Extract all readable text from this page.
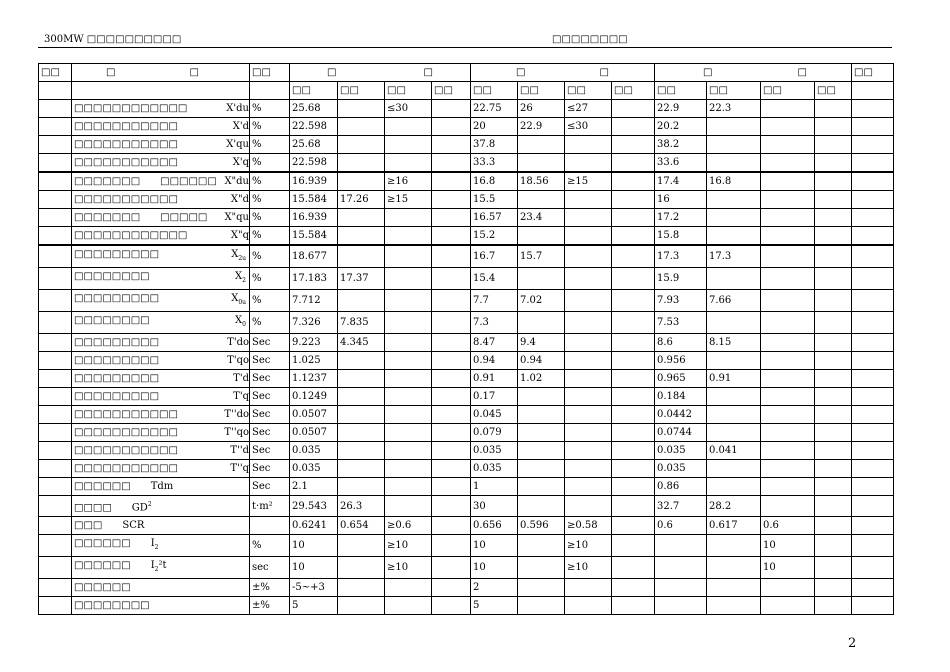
300MW □□□□□□□□□□	□□□□□□□□
□□	□ □	□□	□ □				□ □				□ □				□□
			□□	□□	□□	□□	□□	□□	□□	□□	□□	□□	□□	□□	

	□□□□□□□□□□□□ X'du	%	25.68		≤30		22.75	26	≤27		22.9	22.3			

	□□□□□□□□□□□ X'd	%	22.598				20	22.9	≤30		20.2				

	□□□□□□□□□□□ X'qu	%	25.68				37.8				38.2				

	□□□□□□□□□□□ X'q	%	22.598				33.3				33.6				

	□□□□□□□　　□□□□□□ X"du	%	16.939		≥16		16.8	18.56	≥15		17.4	16.8			

	□□□□□□□□□□□ X"d	%	15.584	17.26	≥15		15.5				16				

	□□□□□□□　　□□□□□ X"qu	%	16.939				16.57	23.4			17.2				

	□□□□□□□□□□□□ X"q	%	15.584				15.2				15.8				

	□□□□□□□□□ $X_{2u}$	%	18.677				16.7	15.7			17.3	17.3			

	□□□□□□□□ $X_2$	%	17.183	17.37			15.4				15.9				

	□□□□□□□□□ $X_{0u}$	%	7.712				7.7	7.02			7.93	7.66			

	□□□□□□□□ $X_0$	%	7.326	7.835			7.3				7.53				

	□□□□□□□□□ T'do	Sec	9.223	4.345			8.47	9.4			8.6	8.15			

	□□□□□□□□□ T'qo	Sec	1.025				0.94	0.94			0.956				

	□□□□□□□□□ T'd	Sec	1.1237				0.91	1.02			0.965	0.91			

	□□□□□□□□□ T'q	Sec	0.1249				0.17				0.184				

	□□□□□□□□□□□ T''do	Sec	0.0507				0.045				0.0442				

	□□□□□□□□□□□ T''qo	Sec	0.0507				0.079				0.0744				

	□□□□□□□□□□□ T''d	Sec	0.035				0.035				0.035	0.041			

	□□□□□□□□□□□ T''q	Sec	0.035				0.035				0.035				

	□□□□□□　　Tdm	Sec	2.1				1				0.86				

	□□□□　　$GD^2$	t·m²	29.543	26.3			30				32.7	28.2			

	□□□　　SCR		0.6241	0.654	≥0.6		0.656	0.596	≥0.58		0.6	0.617	0.6		

	□□□□□□　　$I_2$	%	10		≥10		10		≥10				10		

	□□□□□□　　$I_2^2t$	sec	10		≥10		10		≥10				10		

	□□□□□□	±%	-5~+3				2								

	□□□□□□□□	±%	5				5								
2
